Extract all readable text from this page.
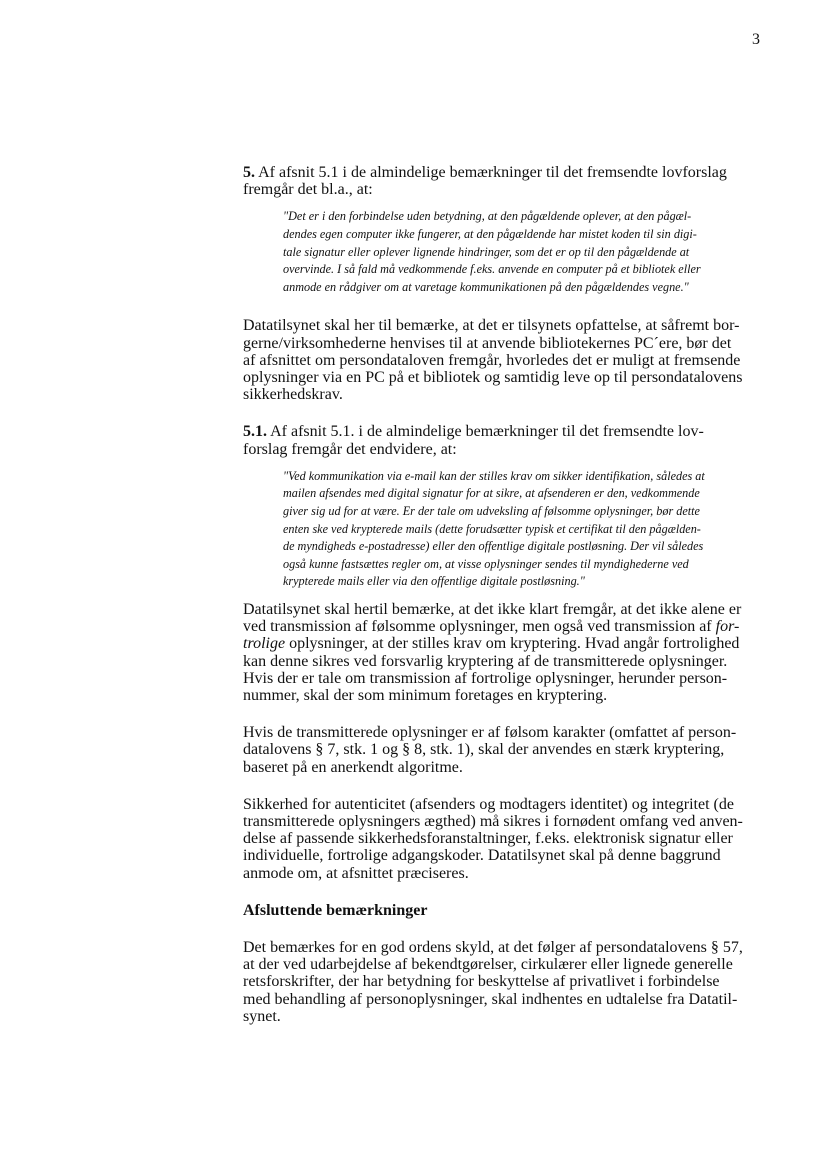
3

5. Af afsnit 5.1 i de almindelige bemærkninger til det fremsendte lovforslag
fremgår det bl.a., at:

"Det er i den forbindelse uden betydning, at den pågældende oplever, at den pågæl-
dendes egen computer ikke fungerer, at den pågældende har mistet koden til sin digi-
tale signatur eller oplever lignende hindringer, som det er op til den pågældende at
overvinde. I så fald må vedkommende f.eks. anvende en computer på et bibliotek eller
anmode en rådgiver om at varetage kommunikationen på den pågældendes vegne."

Datatilsynet skal her til bemærke, at det er tilsynets opfattelse, at såfremt bor-
gerne/virksomhederne henvises til at anvende bibliotekernes PC´ere, bør det
af afsnittet om persondataloven fremgår, hvorledes det er muligt at fremsende
oplysninger via en PC på et bibliotek og samtidig leve op til persondatalovens
sikkerhedskrav.

5.1. Af afsnit 5.1. i de almindelige bemærkninger til det fremsendte lov-
forslag fremgår det endvidere, at:

"Ved kommunikation via e-mail kan der stilles krav om sikker identifikation, således at
mailen afsendes med digital signatur for at sikre, at afsenderen er den, vedkommende
giver sig ud for at være. Er der tale om udveksling af følsomme oplysninger, bør dette
enten ske ved krypterede mails (dette forudsætter typisk et certifikat til den pågælden-
de myndigheds e-postadresse) eller den offentlige digitale postløsning. Der vil således
også kunne fastsættes regler om, at visse oplysninger sendes til myndighederne ved
krypterede mails eller via den offentlige digitale postløsning."

Datatilsynet skal hertil bemærke, at det ikke klart fremgår, at det ikke alene er
ved transmission af følsomme oplysninger, men også ved transmission af for-
trolige oplysninger, at der stilles krav om kryptering. Hvad angår fortrolighed
kan denne sikres ved forsvarlig kryptering af de transmitterede oplysninger.
Hvis der er tale om transmission af fortrolige oplysninger, herunder person-
nummer, skal der som minimum foretages en kryptering.

Hvis de transmitterede oplysninger er af følsom karakter (omfattet af person-
datalovens § 7, stk. 1 og § 8, stk. 1), skal der anvendes en stærk kryptering,
baseret på en anerkendt algoritme.

Sikkerhed for autenticitet (afsenders og modtagers identitet) og integritet (de
transmitterede oplysningers ægthed) må sikres i fornødent omfang ved anven-
delse af passende sikkerhedsforanstaltninger, f.eks. elektronisk signatur eller
individuelle, fortrolige adgangskoder. Datatilsynet skal på denne baggrund
anmode om, at afsnittet præciseres.

Afsluttende bemærkninger

Det bemærkes for en god ordens skyld, at det følger af persondatalovens § 57,
at der ved udarbejdelse af bekendtgørelser, cirkulærer eller lignede generelle
retsforskrifter, der har betydning for beskyttelse af privatlivet i forbindelse
med behandling af personoplysninger, skal indhentes en udtalelse fra Datatil-
synet.
